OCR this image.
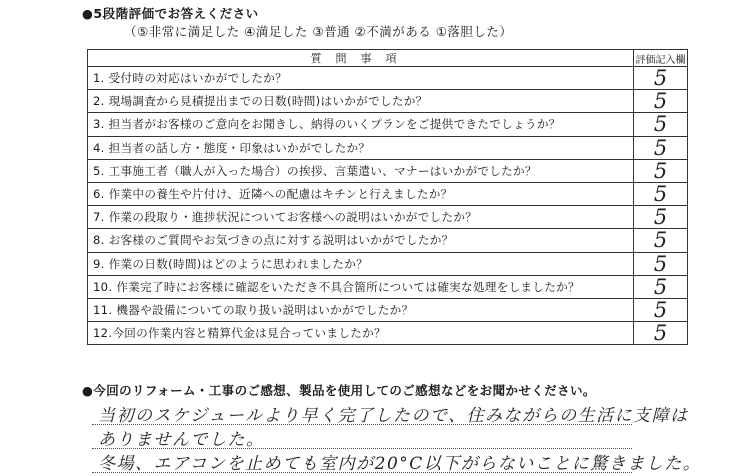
●5段階評価でお答えください
（⑤非常に満足した ④満足した ③普通 ②不満がある ①落胆した）
質問事項	評価記入欄
1. 受付時の対応はいかがでしたか？	5
2. 現場調査から見積提出までの日数(時間)はいかがでしたか？	5
3. 担当者がお客様のご意向をお聞きし、納得のいくプランをご提供できたでしょうか？	5
4. 担当者の話し方・態度・印象はいかがでしたか？	5
5. 工事施工者（職人が入った場合）の挨拶、言葉遣い、マナーはいかがでしたか？	5
6. 作業中の養生や片付け、近隣への配慮はキチンと行えましたか？	5
7. 作業の段取り・進捗状況についてお客様への説明はいかがでしたか？	5
8. お客様のご質問やお気づきの点に対する説明はいかがでしたか？	5
9. 作業の日数(時間)はどのように思われましたか？	5
10. 作業完了時にお客様に確認をいただき不具合箇所については確実な処理をしましたか？	5
11. 機器や設備についての取り扱い説明はいかがでしたか？	5
12.今回の作業内容と精算代金は見合っていましたか？	5
●今回のリフォーム・工事のご感想、製品を使用してのご感想などをお聞かせください。
当初のスケジュールより早く完了したので、住みながらの生活に支障は
ありませんでした。
冬場、エアコンを止めても室内が20°C以下がらないことに驚きました。
